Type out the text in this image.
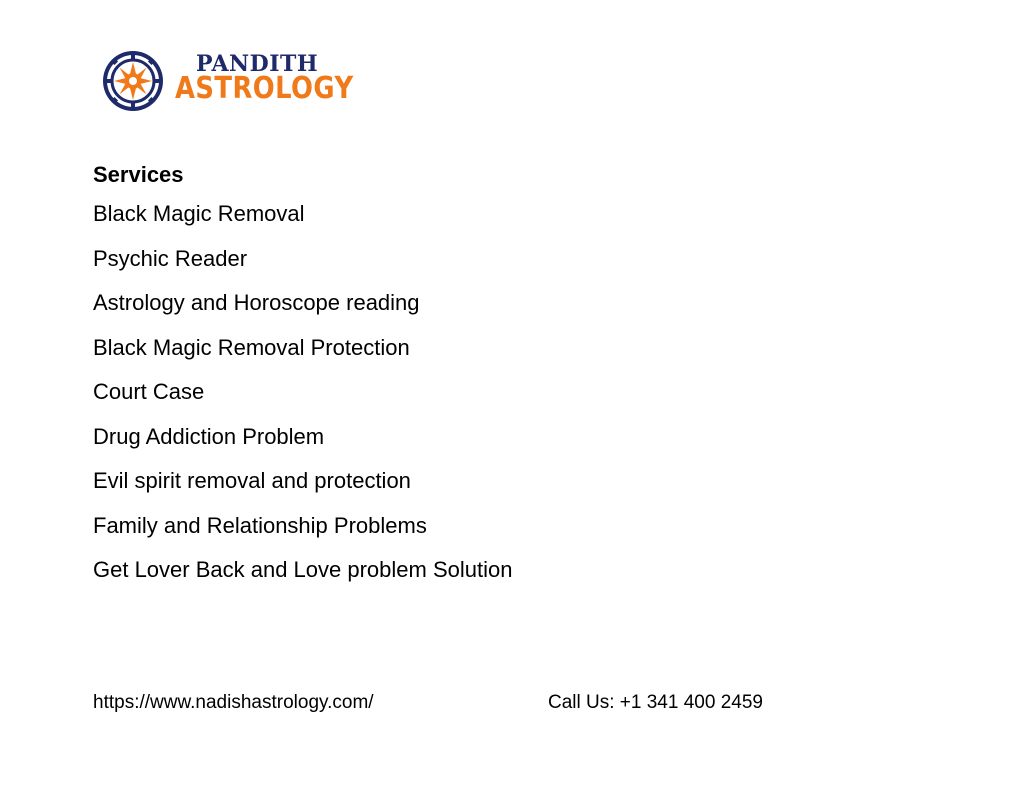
PANDITH
ASTROLOGY
Services
Black Magic Removal
Psychic Reader
Astrology and Horoscope reading
Black Magic Removal Protection
Court Case
Drug Addiction Problem
Evil spirit removal and protection
Family and Relationship Problems
Get Lover Back and Love problem Solution
https://www.nadishastrology.com/	Call Us: +1 341 400 2459
